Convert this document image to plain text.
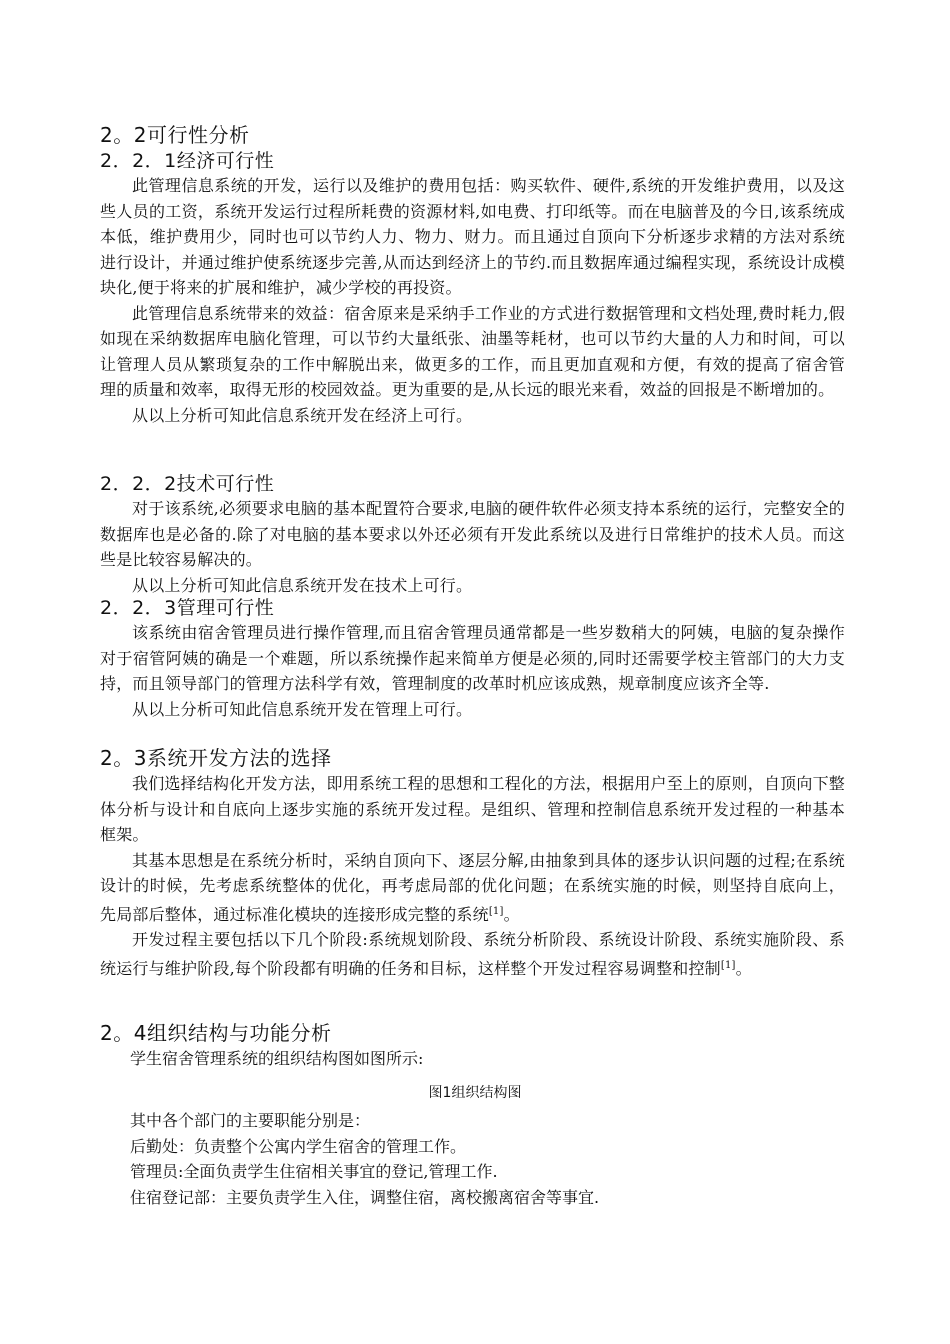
2。2可行性分析
2．2．1经济可行性

此管理信息系统的开发，运行以及维护的费用包括：购买软件、硬件,系统的开发维护费用，以及这些人员的工资，系统开发运行过程所耗费的资源材料,如电费、打印纸等。而在电脑普及的今日,该系统成本低，维护费用少，同时也可以节约人力、物力、财力。而且通过自顶向下分析逐步求精的方法对系统进行设计，并通过维护使系统逐步完善,从而达到经济上的节约.而且数据库通过编程实现，系统设计成模块化,便于将来的扩展和维护，减少学校的再投资。

此管理信息系统带来的效益：宿舍原来是采纳手工作业的方式进行数据管理和文档处理,费时耗力,假如现在采纳数据库电脑化管理，可以节约大量纸张、油墨等耗材，也可以节约大量的人力和时间，可以让管理人员从繁琐复杂的工作中解脱出来，做更多的工作，而且更加直观和方便，有效的提高了宿舍管理的质量和效率，取得无形的校园效益。更为重要的是,从长远的眼光来看，效益的回报是不断增加的。

从以上分析可知此信息系统开发在经济上可行。

2．2．2技术可行性

对于该系统,必须要求电脑的基本配置符合要求,电脑的硬件软件必须支持本系统的运行，完整安全的数据库也是必备的.除了对电脑的基本要求以外还必须有开发此系统以及进行日常维护的技术人员。而这些是比较容易解决的。

从以上分析可知此信息系统开发在技术上可行。

2．2．3管理可行性

该系统由宿舍管理员进行操作管理,而且宿舍管理员通常都是一些岁数稍大的阿姨，电脑的复杂操作对于宿管阿姨的确是一个难题，所以系统操作起来简单方便是必须的,同时还需要学校主管部门的大力支持，而且领导部门的管理方法科学有效，管理制度的改革时机应该成熟，规章制度应该齐全等.

从以上分析可知此信息系统开发在管理上可行。

2。3系统开发方法的选择

我们选择结构化开发方法，即用系统工程的思想和工程化的方法，根据用户至上的原则，自顶向下整体分析与设计和自底向上逐步实施的系统开发过程。是组织、管理和控制信息系统开发过程的一种基本框架。

其基本思想是在系统分析时，采纳自顶向下、逐层分解,由抽象到具体的逐步认识问题的过程;在系统设计的时候，先考虑系统整体的优化，再考虑局部的优化问题；在系统实施的时候，则坚持自底向上，先局部后整体，通过标准化模块的连接形成完整的系统[1]。

开发过程主要包括以下几个阶段:系统规划阶段、系统分析阶段、系统设计阶段、系统实施阶段、系统运行与维护阶段,每个阶段都有明确的任务和目标，这样整个开发过程容易调整和控制[1]。

2。4组织结构与功能分析

学生宿舍管理系统的组织结构图如图所示:

图1组织结构图

其中各个部门的主要职能分别是：

后勤处：负责整个公寓内学生宿舍的管理工作。

管理员:全面负责学生住宿相关事宜的登记,管理工作.

住宿登记部：主要负责学生入住，调整住宿，离校搬离宿舍等事宜.
